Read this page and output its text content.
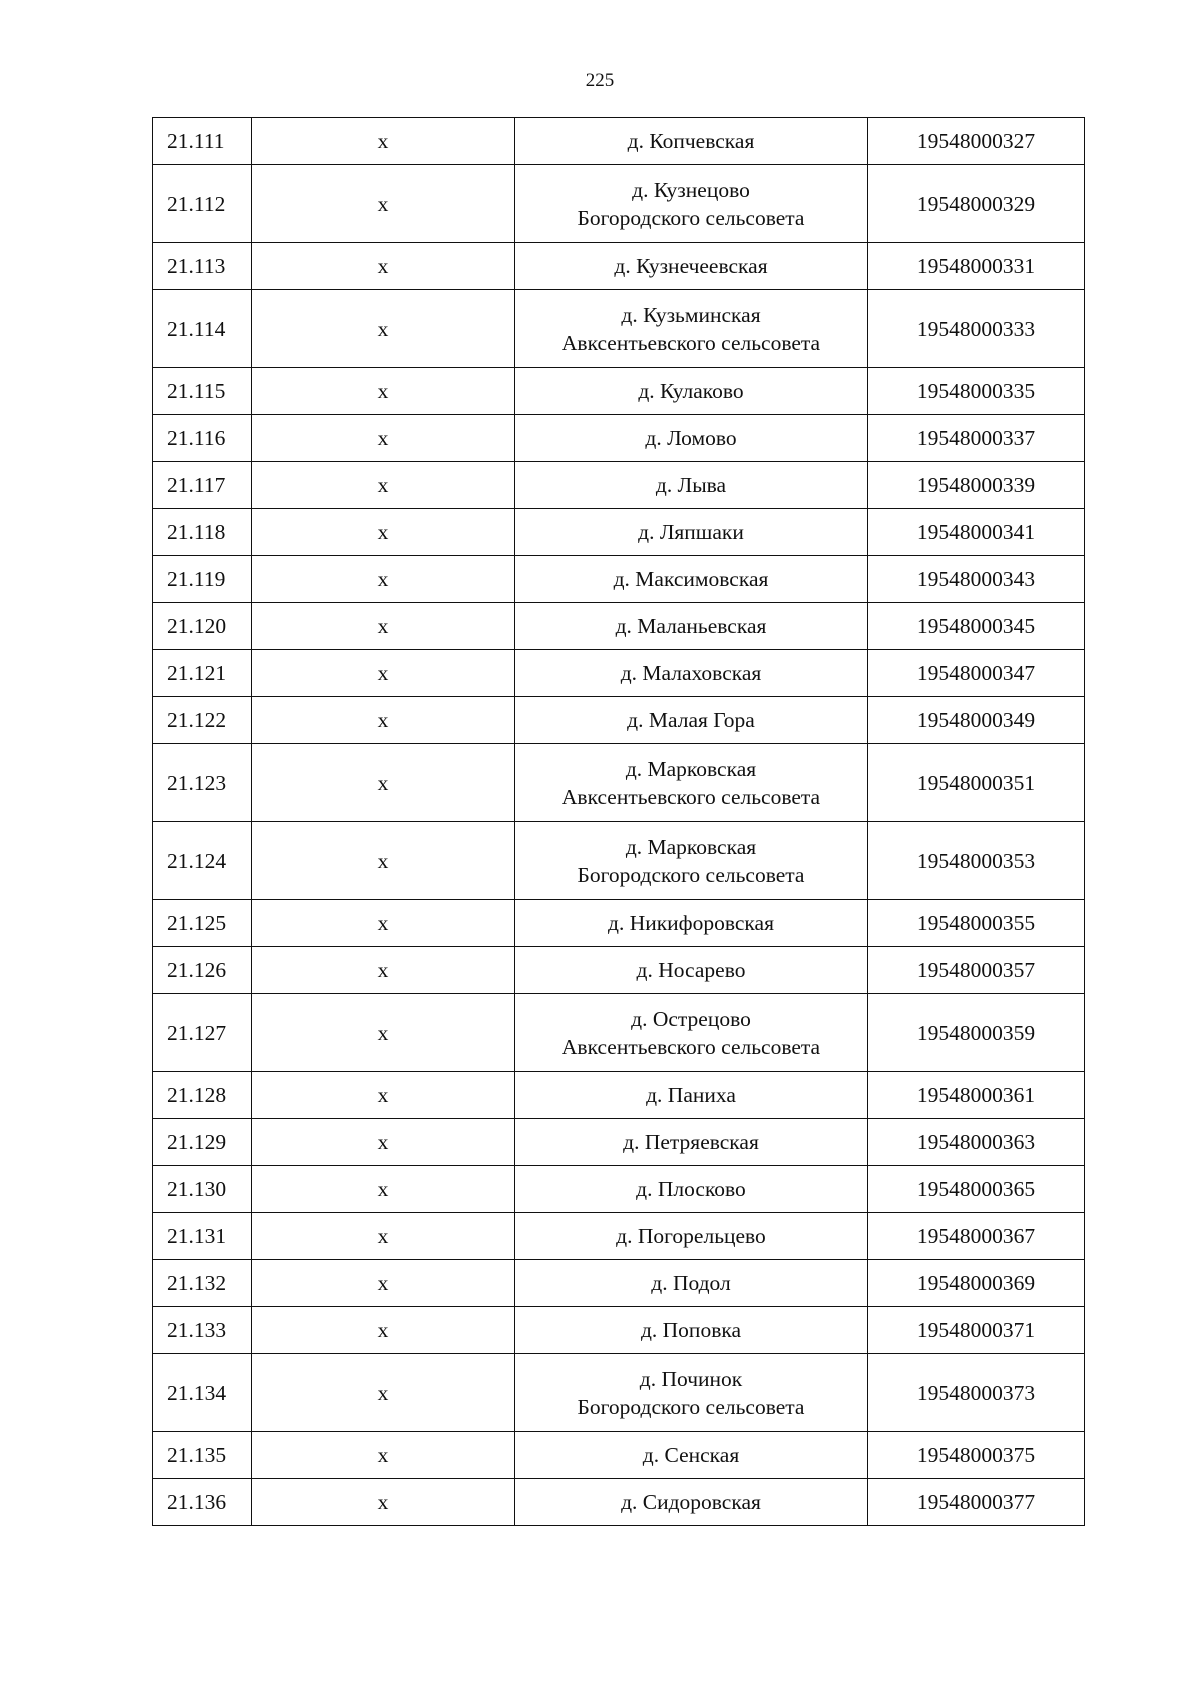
225
21.111	x	д. Копчевская	19548000327
21.112	x	д. Кузнецово
Богородского сельсовета	19548000329
21.113	x	д. Кузнечеевская	19548000331
21.114	x	д. Кузьминская
Авксентьевского сельсовета	19548000333
21.115	x	д. Кулаково	19548000335
21.116	x	д. Ломово	19548000337
21.117	x	д. Лыва	19548000339
21.118	x	д. Ляпшаки	19548000341
21.119	x	д. Максимовская	19548000343
21.120	x	д. Маланьевская	19548000345
21.121	x	д. Малаховская	19548000347
21.122	x	д. Малая Гора	19548000349
21.123	x	д. Марковская
Авксентьевского сельсовета	19548000351
21.124	x	д. Марковская
Богородского сельсовета	19548000353
21.125	x	д. Никифоровская	19548000355
21.126	x	д. Носарево	19548000357
21.127	x	д. Острецово
Авксентьевского сельсовета	19548000359
21.128	x	д. Паниха	19548000361
21.129	x	д. Петряевская	19548000363
21.130	x	д. Плосково	19548000365
21.131	x	д. Погорельцево	19548000367
21.132	x	д. Подол	19548000369
21.133	x	д. Поповка	19548000371
21.134	x	д. Починок
Богородского сельсовета	19548000373
21.135	x	д. Сенская	19548000375
21.136	x	д. Сидоровская	19548000377
